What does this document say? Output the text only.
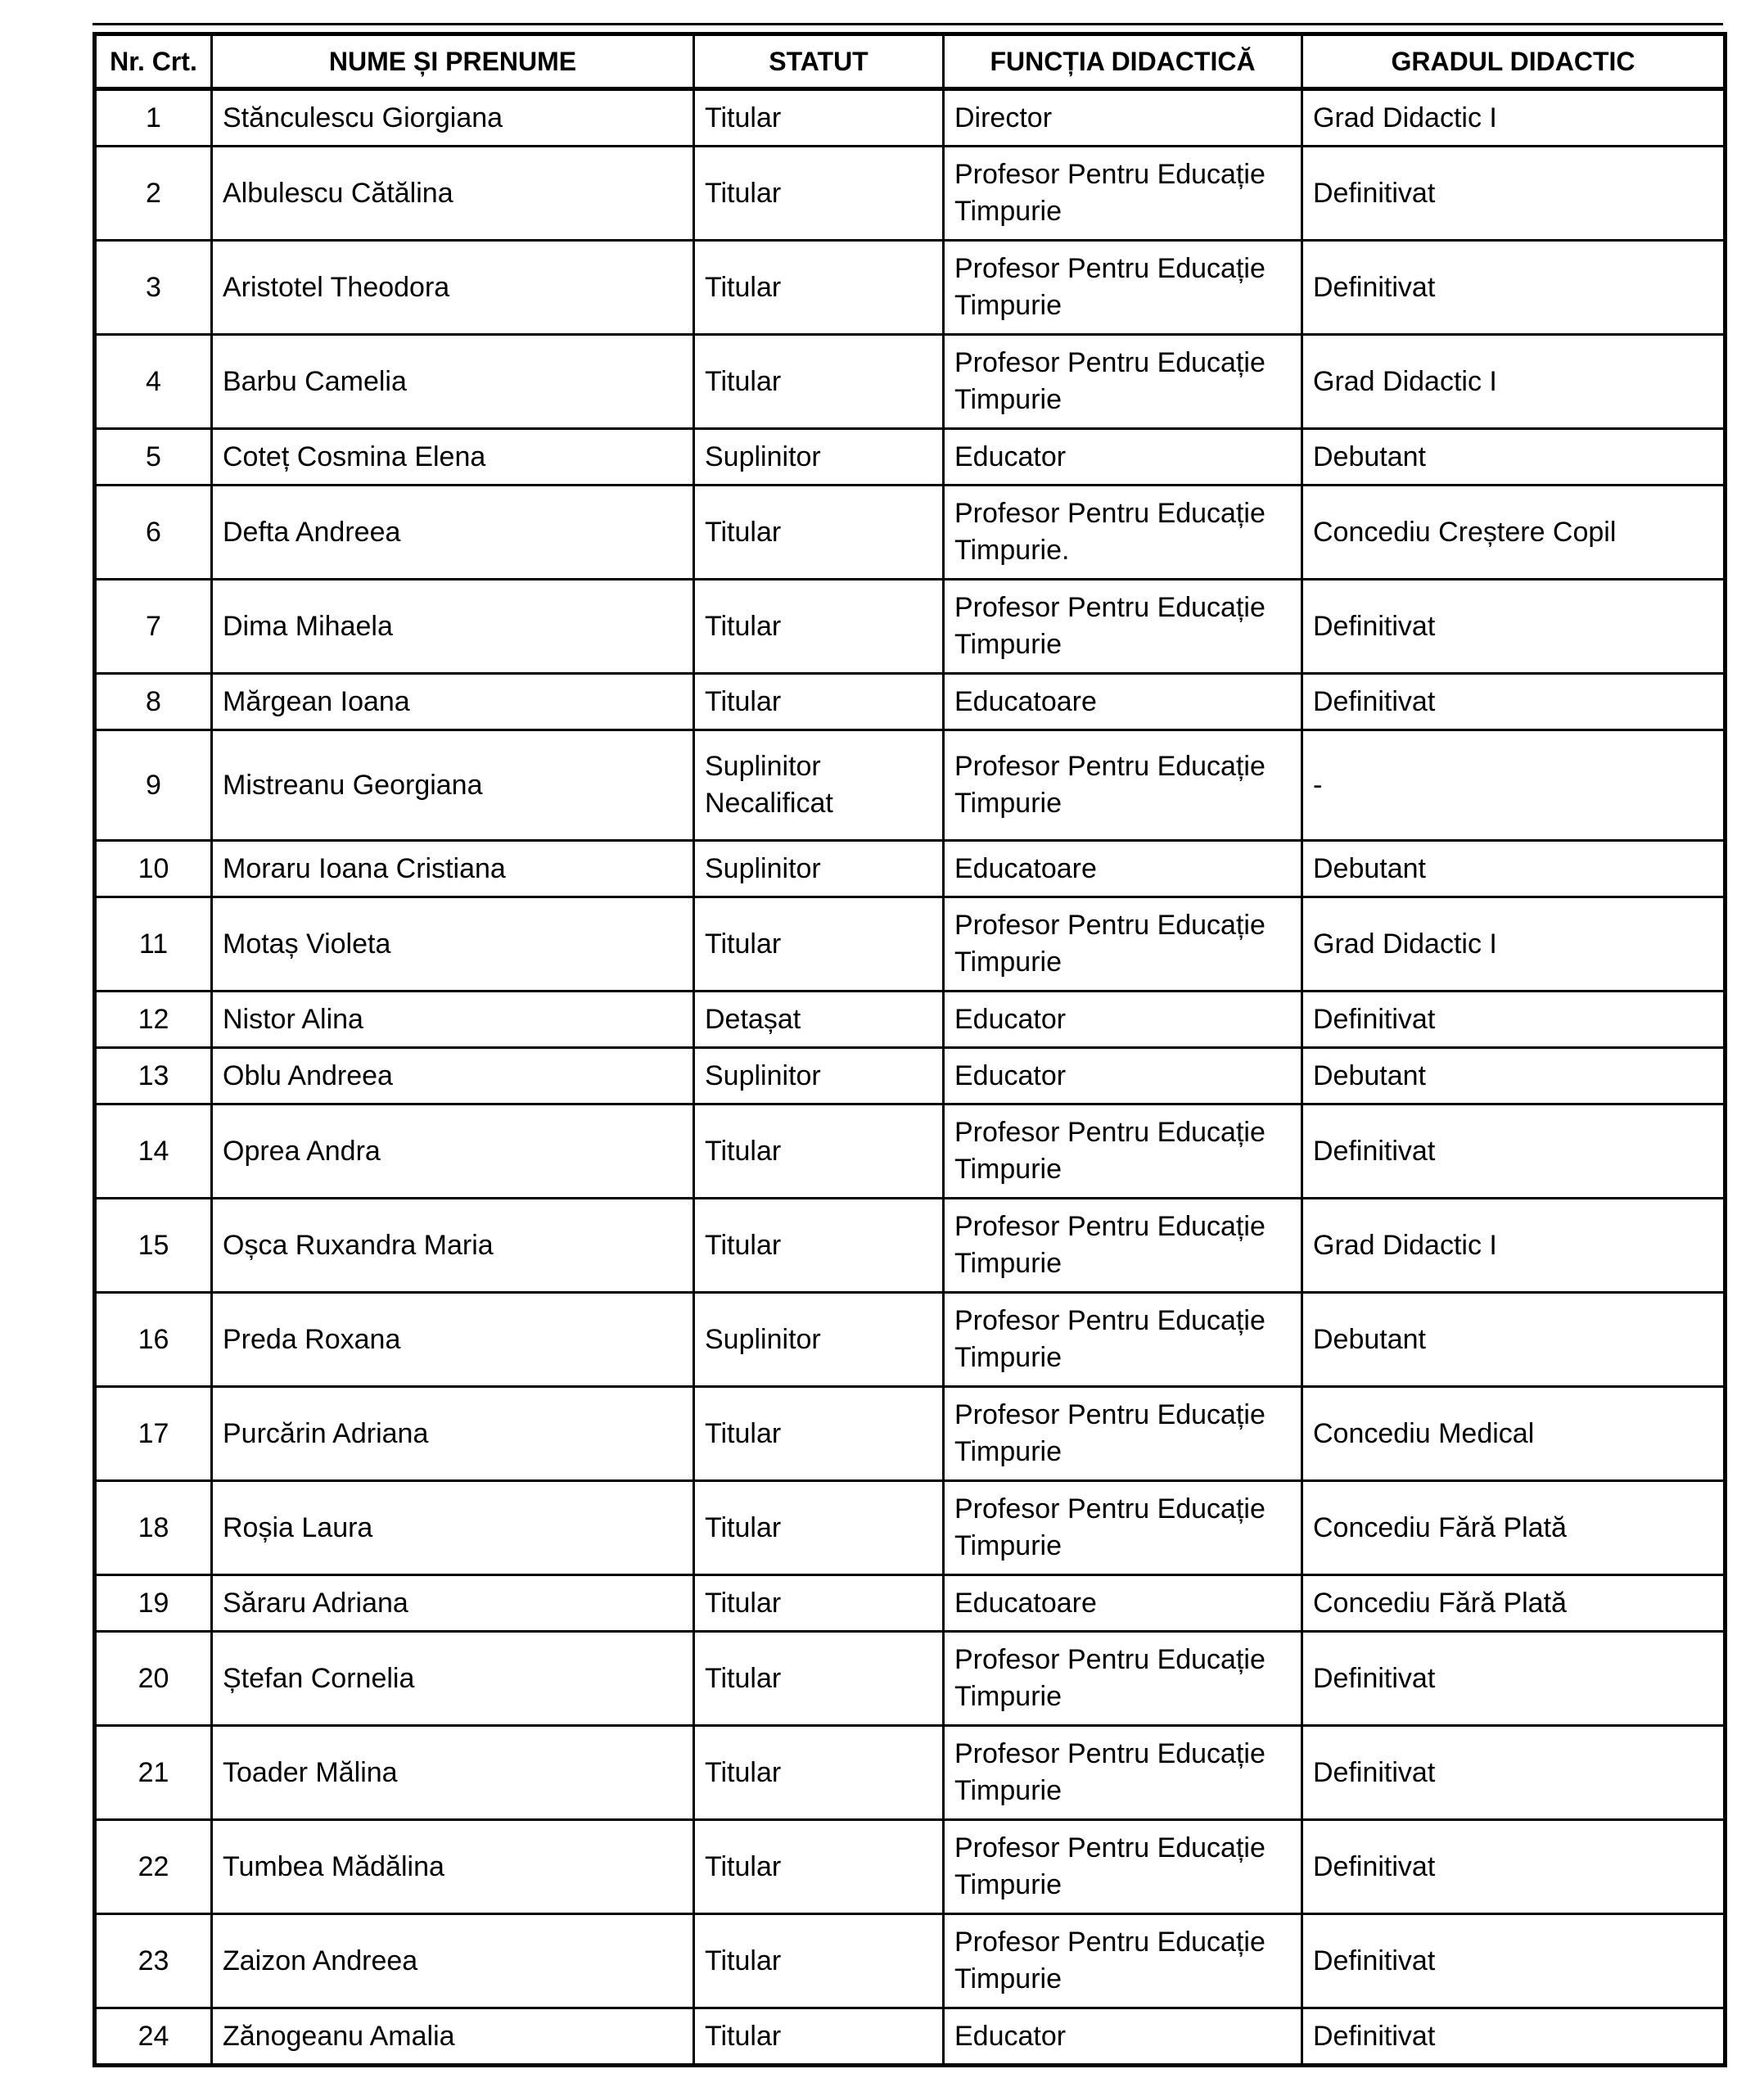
Nr. Crt.	NUME ȘI PRENUME	STATUT	FUNCȚIA DIDACTICĂ	GRADUL DIDACTIC
1	Stănculescu Giorgiana	Titular	Director	Grad Didactic I
2	Albulescu Cătălina	Titular	Profesor Pentru Educație Timpurie	Definitivat
3	Aristotel Theodora	Titular	Profesor Pentru Educație Timpurie	Definitivat
4	Barbu Camelia	Titular	Profesor Pentru Educație Timpurie	Grad Didactic I
5	Coteț Cosmina Elena	Suplinitor	Educator	Debutant
6	Defta Andreea	Titular	Profesor Pentru Educație Timpurie.	Concediu Creștere Copil
7	Dima Mihaela	Titular	Profesor Pentru Educație Timpurie	Definitivat
8	Mărgean Ioana	Titular	Educatoare	Definitivat
9	Mistreanu Georgiana	Suplinitor Necalificat	Profesor Pentru Educație Timpurie	-
10	Moraru Ioana Cristiana	Suplinitor	Educatoare	Debutant
11	Motaș Violeta	Titular	Profesor Pentru Educație Timpurie	Grad Didactic I
12	Nistor Alina	Detașat	Educator	Definitivat
13	Oblu Andreea	Suplinitor	Educator	Debutant
14	Oprea Andra	Titular	Profesor Pentru Educație Timpurie	Definitivat
15	Oșca Ruxandra Maria	Titular	Profesor Pentru Educație Timpurie	Grad Didactic I
16	Preda Roxana	Suplinitor	Profesor Pentru Educație Timpurie	Debutant
17	Purcărin Adriana	Titular	Profesor Pentru Educație Timpurie	Concediu Medical
18	Roșia Laura	Titular	Profesor Pentru Educație Timpurie	Concediu Fără Plată
19	Săraru Adriana	Titular	Educatoare	Concediu Fără Plată
20	Ștefan Cornelia	Titular	Profesor Pentru Educație Timpurie	Definitivat
21	Toader Mălina	Titular	Profesor Pentru Educație Timpurie	Definitivat
22	Tumbea Mădălina	Titular	Profesor Pentru Educație Timpurie	Definitivat
23	Zaizon Andreea	Titular	Profesor Pentru Educație Timpurie	Definitivat
24	Zănogeanu Amalia	Titular	Educator	Definitivat
